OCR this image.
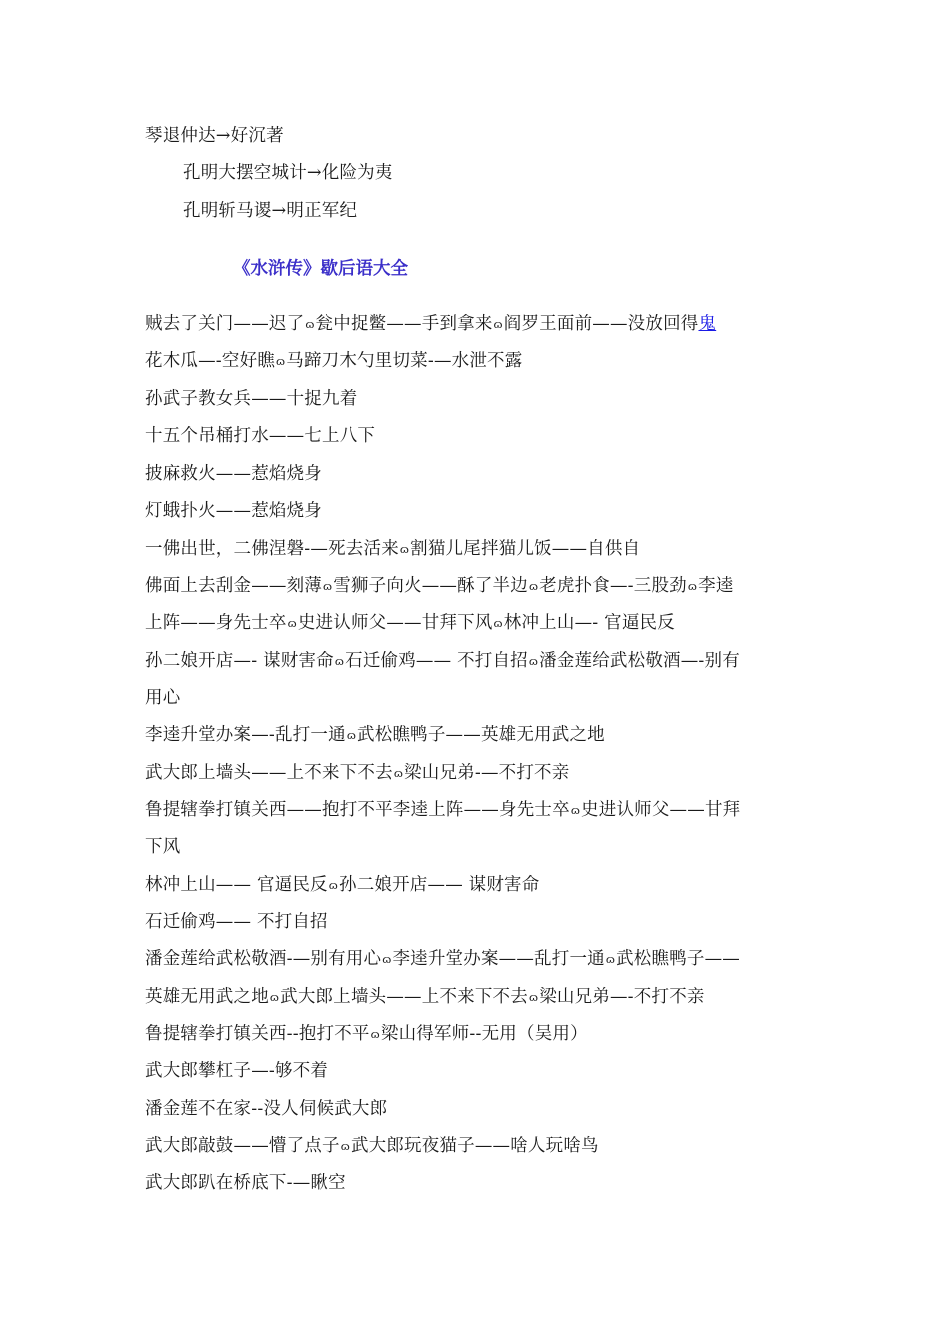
琴退仲达→好沉著
孔明大摆空城计→化险为夷
孔明斩马谡→明正军纪
《水浒传》歇后语大全
贼去了关门——迟了ɷ瓮中捉鳖——手到拿来ɷ阎罗王面前——没放回得鬼
花木瓜—-空好瞧ɷ马蹄刀木勺里切菜-—水泄不露
孙武子教女兵——十捉九着
十五个吊桶打水——七上八下
披麻救火——惹焰烧身
灯蛾扑火——惹焰烧身
一佛出世，二佛涅磐-—死去活来ɷ割猫儿尾拌猫儿饭——自供自
佛面上去刮金——刻薄ɷ雪狮子向火——酥了半边ɷ老虎扑食—-三股劲ɷ李逵
上阵——身先士卒ɷ史进认师父——甘拜下风ɷ林冲上山—- 官逼民反
孙二娘开店—- 谋财害命ɷ石迁偷鸡—— 不打自招ɷ潘金莲给武松敬酒—-别有
用心
李逵升堂办案—-乱打一通ɷ武松瞧鸭子——英雄无用武之地
武大郎上墙头——上不来下不去ɷ梁山兄弟-—不打不亲
鲁提辖拳打镇关西——抱打不平李逵上阵——身先士卒ɷ史进认师父——甘拜
下风
林冲上山—— 官逼民反ɷ孙二娘开店—— 谋财害命
石迁偷鸡—— 不打自招
潘金莲给武松敬酒-—别有用心ɷ李逵升堂办案——乱打一通ɷ武松瞧鸭子——
英雄无用武之地ɷ武大郎上墙头——上不来下不去ɷ梁山兄弟—-不打不亲
鲁提辖拳打镇关西--抱打不平ɷ梁山得军师--无用（吴用）
武大郎攀杠子—-够不着
潘金莲不在家--没人伺候武大郎
武大郎敲鼓——懵了点子ɷ武大郎玩夜猫子——啥人玩啥鸟
武大郎趴在桥底下-—瞅空
